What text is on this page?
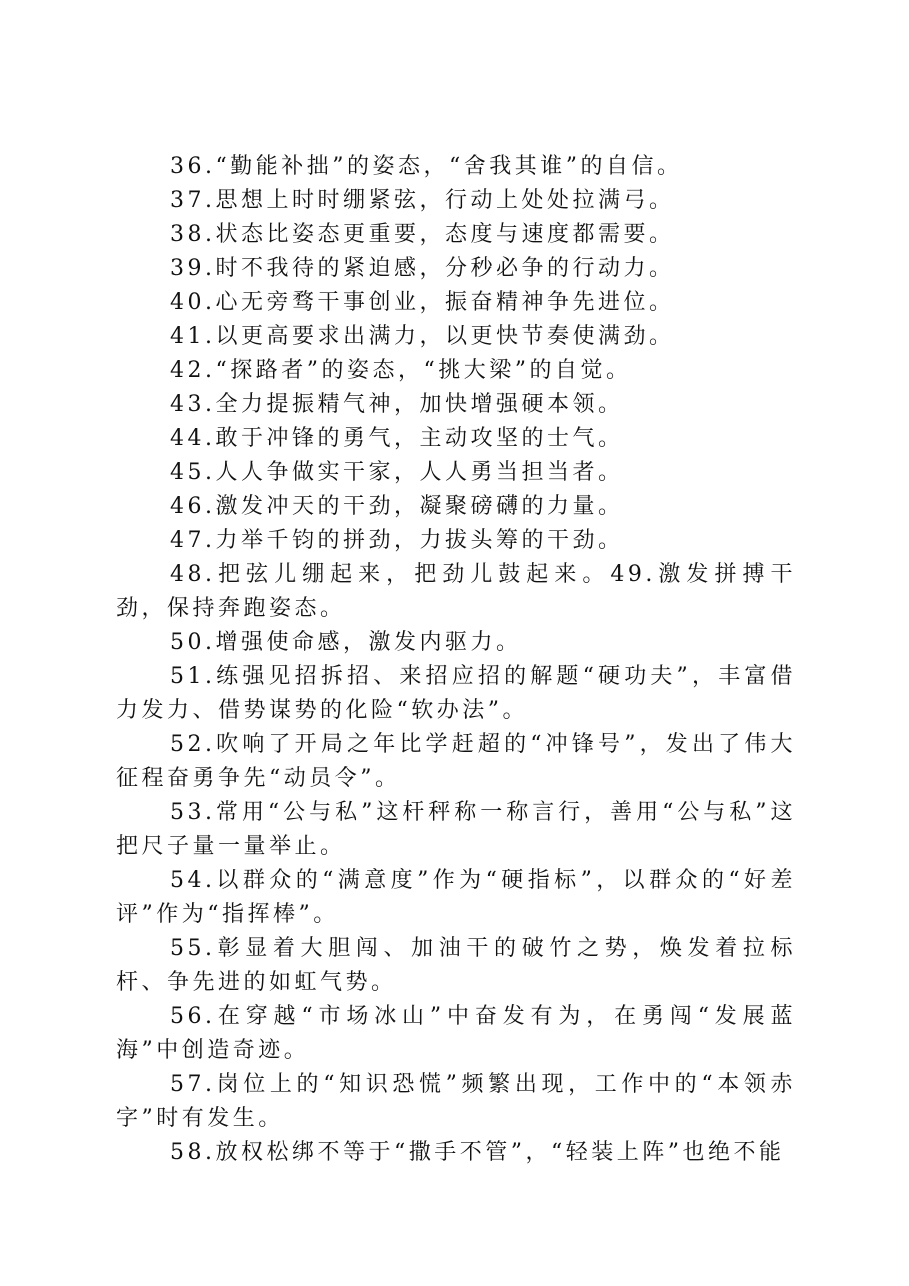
36.“勤能补拙”的姿态，“舍我其谁”的自信。

37.思想上时时绷紧弦，行动上处处拉满弓。

38.状态比姿态更重要，态度与速度都需要。

39.时不我待的紧迫感，分秒必争的行动力。

40.心无旁骛干事创业，振奋精神争先进位。

41.以更高要求出满力，以更快节奏使满劲。

42.“探路者”的姿态，“挑大梁”的自觉。

43.全力提振精气神，加快增强硬本领。

44.敢于冲锋的勇气，主动攻坚的士气。

45.人人争做实干家，人人勇当担当者。

46.激发冲天的干劲，凝聚磅礴的力量。

47.力举千钧的拼劲，力拔头筹的干劲。

48.把弦儿绷起来，把劲儿鼓起来。49.激发拼搏干劲，保持奔跑姿态。

50.增强使命感，激发内驱力。

51.练强见招拆招、来招应招的解题“硬功夫”，丰富借力发力、借势谋势的化险“软办法”。

52.吹响了开局之年比学赶超的“冲锋号”，发出了伟大征程奋勇争先“动员令”。

53.常用“公与私”这杆秤称一称言行，善用“公与私”这把尺子量一量举止。

54.以群众的“满意度”作为“硬指标”，以群众的“好差评”作为“指挥棒”。

55.彰显着大胆闯、加油干的破竹之势，焕发着拉标杆、争先进的如虹气势。

56.在穿越“市场冰山”中奋发有为，在勇闯“发展蓝海”中创造奇迹。

57.岗位上的“知识恐慌”频繁出现，工作中的“本领赤字”时有发生。

58.放权松绑不等于“撒手不管”，“轻装上阵”也绝不能
